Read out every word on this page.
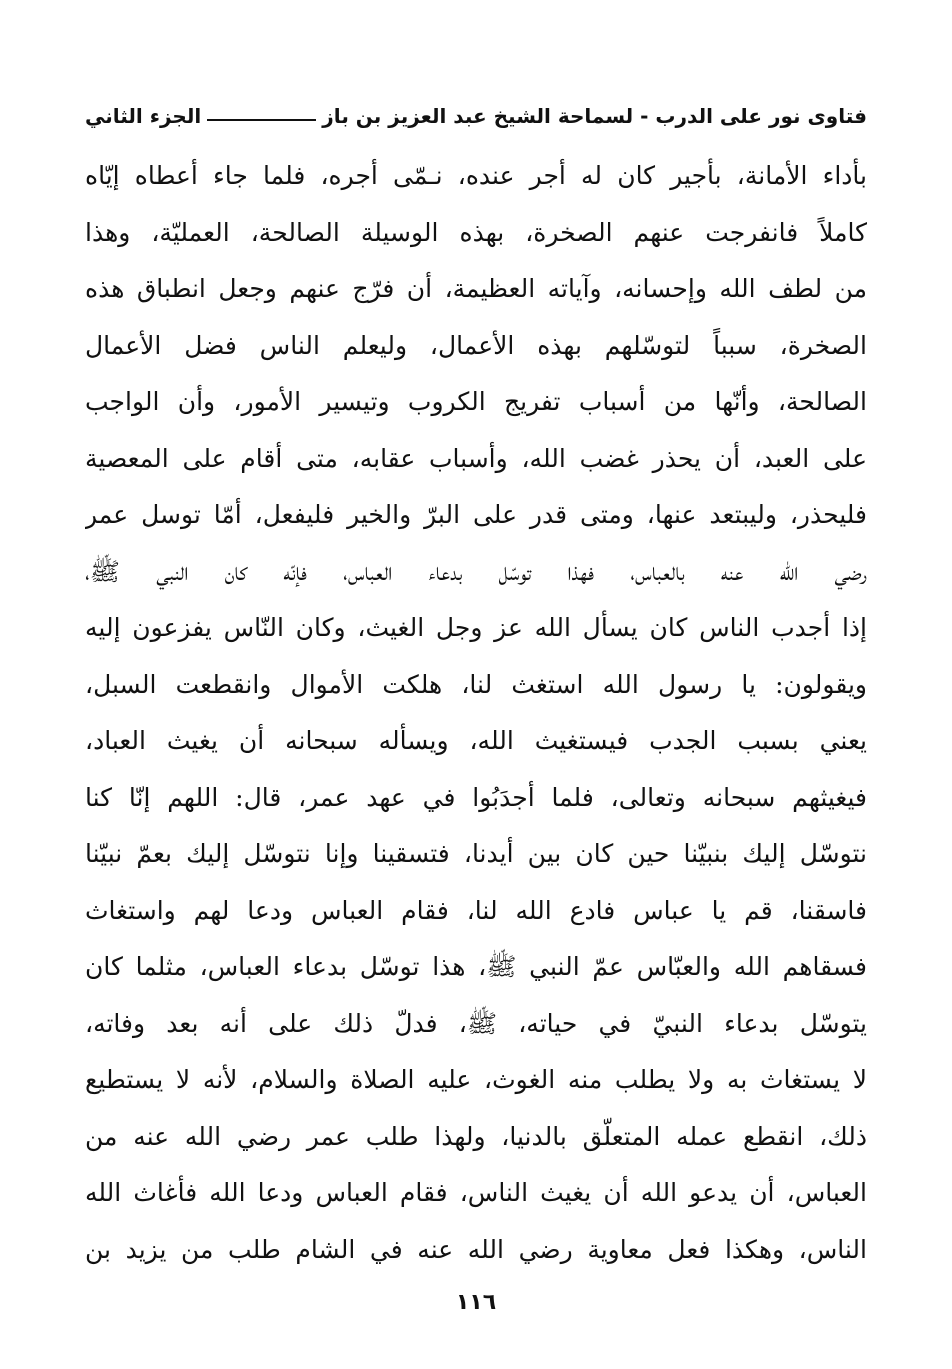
فتاوى نور على الدرب - لسماحة الشيخ عبد العزيز بن باز
الجزء الثاني
بأداء الأمانة، بأجير كان له أجر عنده، نـمّى أجره، فلما جاء أعطاه إيّاه
كاملاً فانفرجت عنهم الصخرة، بهذه الوسيلة الصالحة، العمليّة، وهذا
من لطف الله وإحسانه، وآياته العظيمة، أن فرّج عنهم وجعل انطباق هذه
الصخرة، سبباً لتوسّلهم بهذه الأعمال، وليعلم الناس فضل الأعمال
الصالحة، وأنّها من أسباب تفريج الكروب وتيسير الأمور، وأن الواجب
على العبد، أن يحذر غضب الله، وأسباب عقابه، متى أقام على المعصية
فليحذر، وليبتعد عنها، ومتى قدر على البرّ والخير فليفعل، أمّا توسل عمر
رضي الله عنه بالعباس، فهذا توسّل بدعاء العباس، فإنّه كان النبي ﷺ،
إذا أجدب الناس كان يسأل الله عز وجل الغيث، وكان النّاس يفزعون إليه
ويقولون: يا رسول الله استغث لنا، هلكت الأموال وانقطعت السبل،
يعني بسبب الجدب فيستغيث الله، ويسأله سبحانه أن يغيث العباد،
فيغيثهم سبحانه وتعالى، فلما أجدَبُوا في عهد عمر، قال: اللهم إنّا كنا
نتوسّل إليك بنبيّنا حين كان بين أيدنا، فتسقينا وإنا نتوسّل إليك بعمّ نبيّنا
فاسقنا، قم يا عباس فادع الله لنا، فقام العباس ودعا لهم واستغاث
فسقاهم الله والعبّاس عمّ النبي ﷺ، هذا توسّل بدعاء العباس، مثلما كان
يتوسّل بدعاء النبيّ في حياته، ﷺ، فدلّ ذلك على أنه بعد وفاته،
لا يستغاث به ولا يطلب منه الغوث، عليه الصلاة والسلام، لأنه لا يستطيع
ذلك، انقطع عمله المتعلّق بالدنيا، ولهذا طلب عمر رضي الله عنه من
العباس، أن يدعو الله أن يغيث الناس، فقام العباس ودعا الله فأغاث الله
الناس، وهكذا فعل معاوية رضي الله عنه في الشام طلب من يزيد بن
١١٦
